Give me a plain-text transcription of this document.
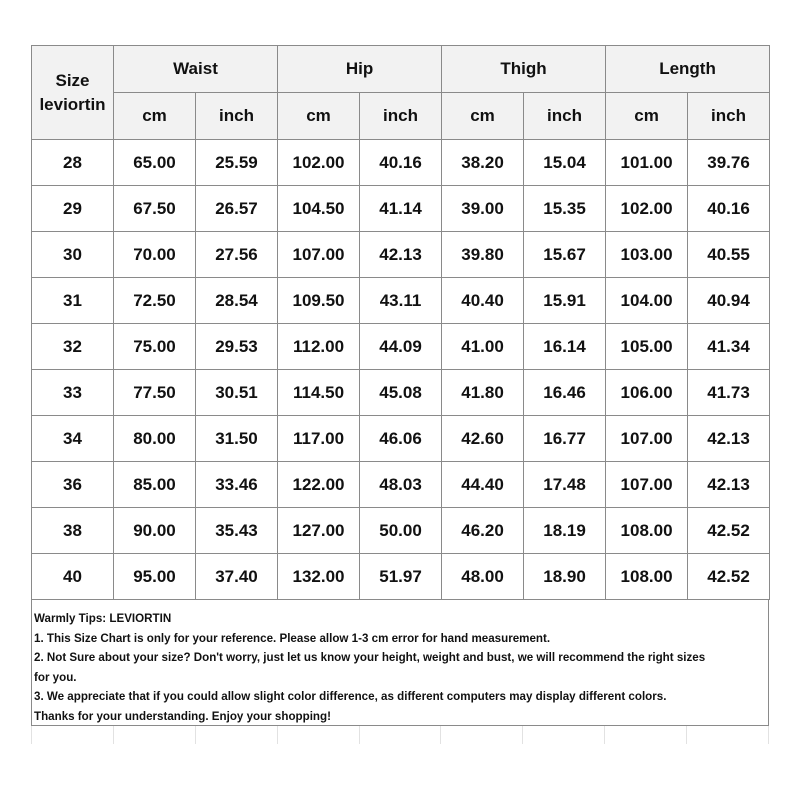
Size
leviortin	Waist		Hip		Thigh		Length	
	cm	inch	cm	inch	cm	inch	cm	inch
28	65.00	25.59	102.00	40.16	38.20	15.04	101.00	39.76
29	67.50	26.57	104.50	41.14	39.00	15.35	102.00	40.16
30	70.00	27.56	107.00	42.13	39.80	15.67	103.00	40.55
31	72.50	28.54	109.50	43.11	40.40	15.91	104.00	40.94
32	75.00	29.53	112.00	44.09	41.00	16.14	105.00	41.34
33	77.50	30.51	114.50	45.08	41.80	16.46	106.00	41.73
34	80.00	31.50	117.00	46.06	42.60	16.77	107.00	42.13
36	85.00	33.46	122.00	48.03	44.40	17.48	107.00	42.13
38	90.00	35.43	127.00	50.00	46.20	18.19	108.00	42.52
40	95.00	37.40	132.00	51.97	48.00	18.90	108.00	42.52
Warmly Tips: LEVIORTIN
1. This Size Chart is only for your reference. Please allow 1-3 cm error for hand measurement.
2. Not Sure about your size? Don't worry, just let us know your height, weight and bust, we will recommend the right sizes
for you.
3. We appreciate that if you could allow slight color difference, as different computers may display different colors.
Thanks for your understanding. Enjoy your shopping!
